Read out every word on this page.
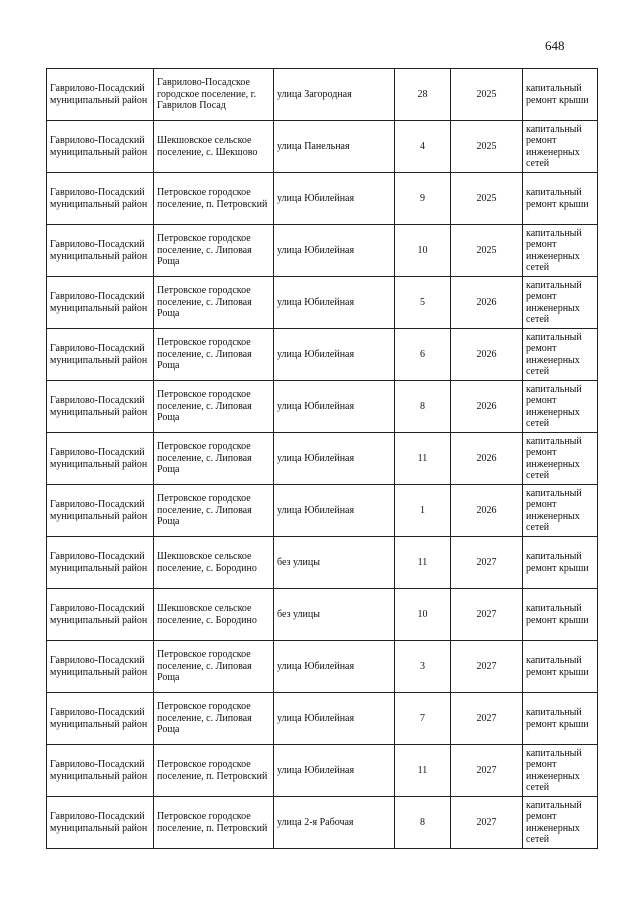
648
Гаврилово-Посадский муниципальный район	Гаврилово-Посадское городское поселение, г. Гаврилов Посад	улица Загородная	28	2025	капитальный ремонт крыши
Гаврилово-Посадский муниципальный район	Шекшовское сельское поселение, с. Шекшово	улица Панельная	4	2025	капитальный ремонт инженерных сетей
Гаврилово-Посадский муниципальный район	Петровское городское поселение, п. Петровский	улица Юбилейная	9	2025	капитальный ремонт крыши
Гаврилово-Посадский муниципальный район	Петровское городское поселение, с. Липовая Роща	улица Юбилейная	10	2025	капитальный ремонт инженерных сетей
Гаврилово-Посадский муниципальный район	Петровское городское поселение, с. Липовая Роща	улица Юбилейная	5	2026	капитальный ремонт инженерных сетей
Гаврилово-Посадский муниципальный район	Петровское городское поселение, с. Липовая Роща	улица Юбилейная	6	2026	капитальный ремонт инженерных сетей
Гаврилово-Посадский муниципальный район	Петровское городское поселение, с. Липовая Роща	улица Юбилейная	8	2026	капитальный ремонт инженерных сетей
Гаврилово-Посадский муниципальный район	Петровское городское поселение, с. Липовая Роща	улица Юбилейная	11	2026	капитальный ремонт инженерных сетей
Гаврилово-Посадский муниципальный район	Петровское городское поселение, с. Липовая Роща	улица Юбилейная	1	2026	капитальный ремонт инженерных сетей
Гаврилово-Посадский муниципальный район	Шекшовское сельское поселение, с. Бородино	без улицы	11	2027	капитальный ремонт крыши
Гаврилово-Посадский муниципальный район	Шекшовское сельское поселение, с. Бородино	без улицы	10	2027	капитальный ремонт крыши
Гаврилово-Посадский муниципальный район	Петровское городское поселение, с. Липовая Роща	улица Юбилейная	3	2027	капитальный ремонт крыши
Гаврилово-Посадский муниципальный район	Петровское городское поселение, с. Липовая Роща	улица Юбилейная	7	2027	капитальный ремонт крыши
Гаврилово-Посадский муниципальный район	Петровское городское поселение, п. Петровский	улица Юбилейная	11	2027	капитальный ремонт инженерных сетей
Гаврилово-Посадский муниципальный район	Петровское городское поселение, п. Петровский	улица 2-я Рабочая	8	2027	капитальный ремонт инженерных сетей
